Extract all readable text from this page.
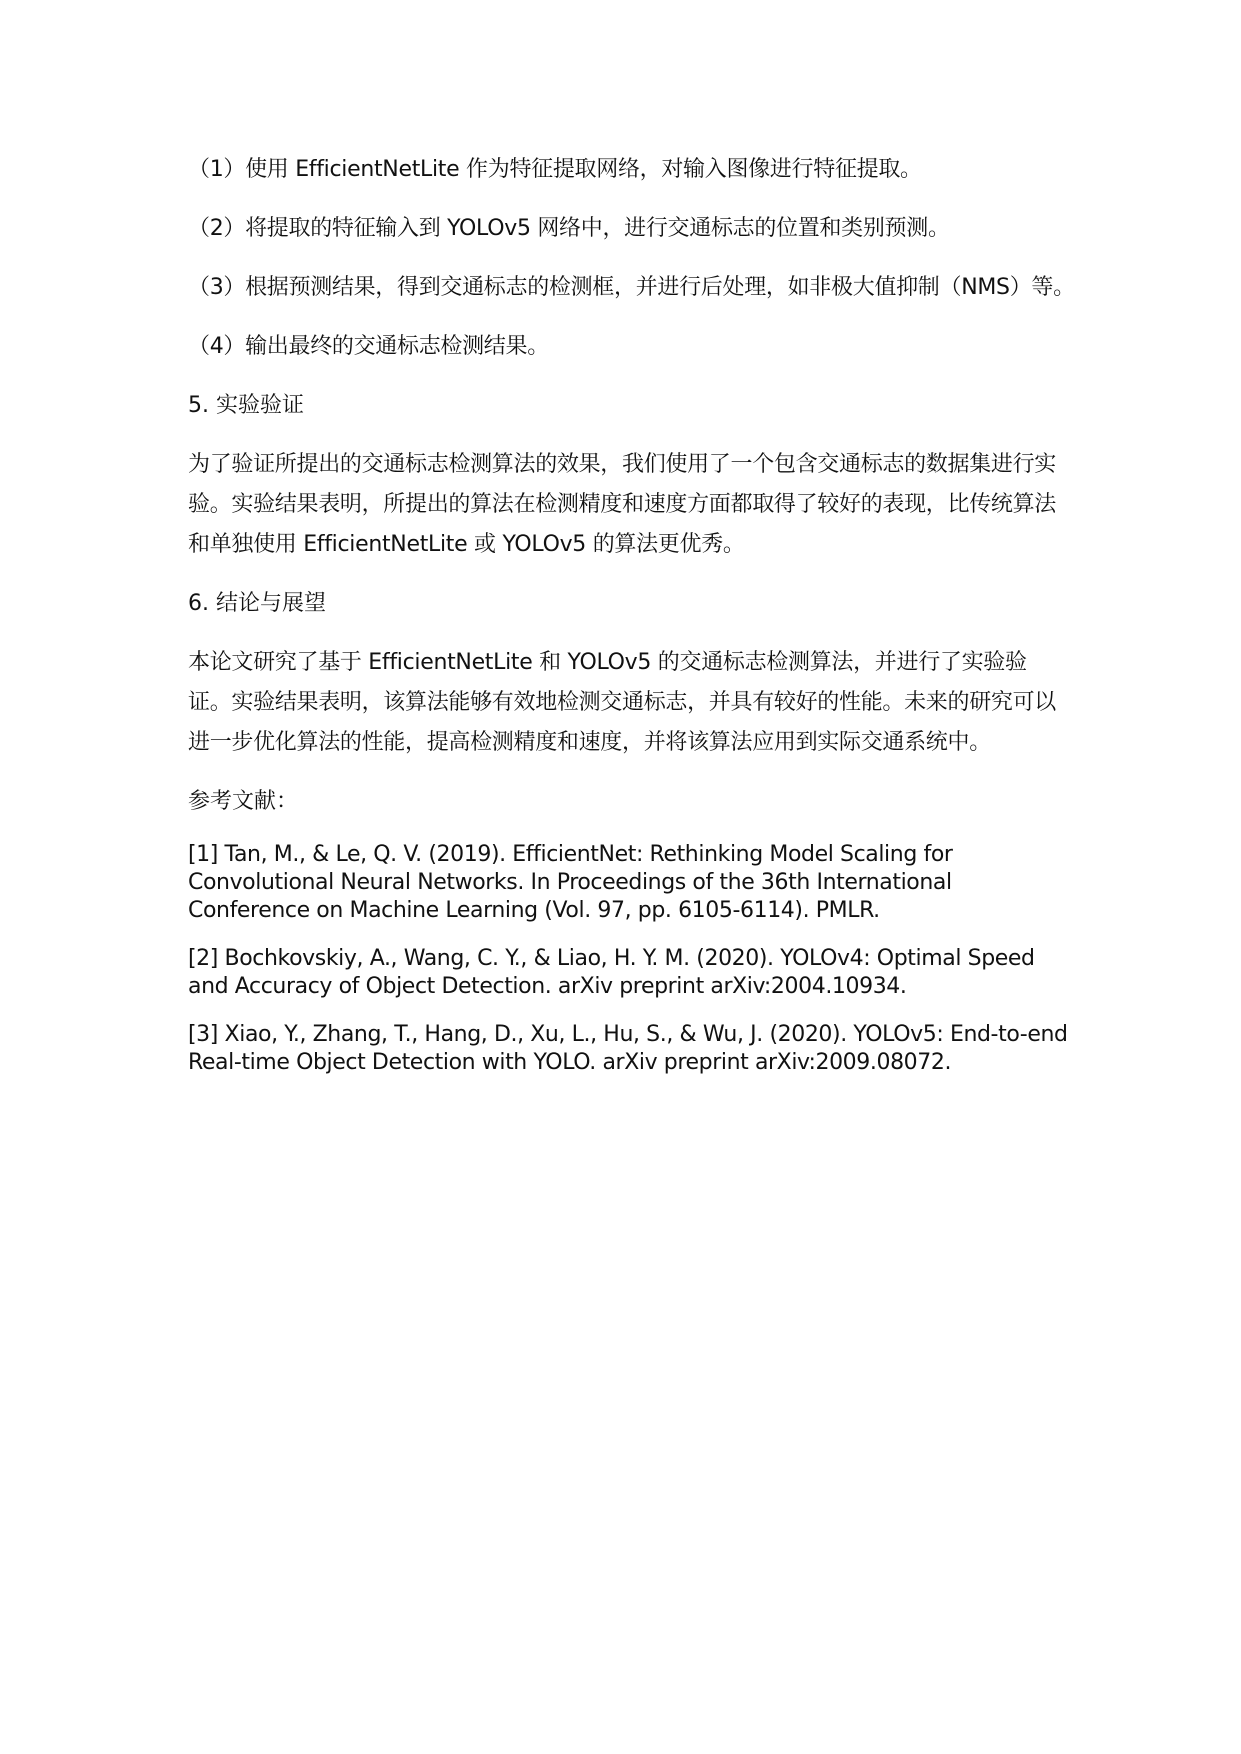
（1）使用 EfficientNetLite 作为特征提取网络，对输入图像进行特征提取。

（2）将提取的特征输入到 YOLOv5 网络中，进行交通标志的位置和类别预测。

（3）根据预测结果，得到交通标志的检测框，并进行后处理，如非极大值抑制（NMS）等。

（4）输出最终的交通标志检测结果。

5. 实验验证

为了验证所提出的交通标志检测算法的效果，我们使用了一个包含交通标志的数据集进行实验。实验结果表明，所提出的算法在检测精度和速度方面都取得了较好的表现，比传统算法和单独使用 EfficientNetLite 或 YOLOv5 的算法更优秀。

6. 结论与展望

本论文研究了基于 EfficientNetLite 和 YOLOv5 的交通标志检测算法，并进行了实验验证。实验结果表明，该算法能够有效地检测交通标志，并具有较好的性能。未来的研究可以进一步优化算法的性能，提高检测精度和速度，并将该算法应用到实际交通系统中。

参考文献：

[1] Tan, M., & Le, Q. V. (2019). EfficientNet: Rethinking Model Scaling for Convolutional Neural Networks. In Proceedings of the 36th International Conference on Machine Learning (Vol. 97, pp. 6105-6114). PMLR.

[2] Bochkovskiy, A., Wang, C. Y., & Liao, H. Y. M. (2020). YOLOv4: Optimal Speed and Accuracy of Object Detection. arXiv preprint arXiv:2004.10934.

[3] Xiao, Y., Zhang, T., Hang, D., Xu, L., Hu, S., & Wu, J. (2020). YOLOv5: End-to-end Real-time Object Detection with YOLO. arXiv preprint arXiv:2009.08072.
